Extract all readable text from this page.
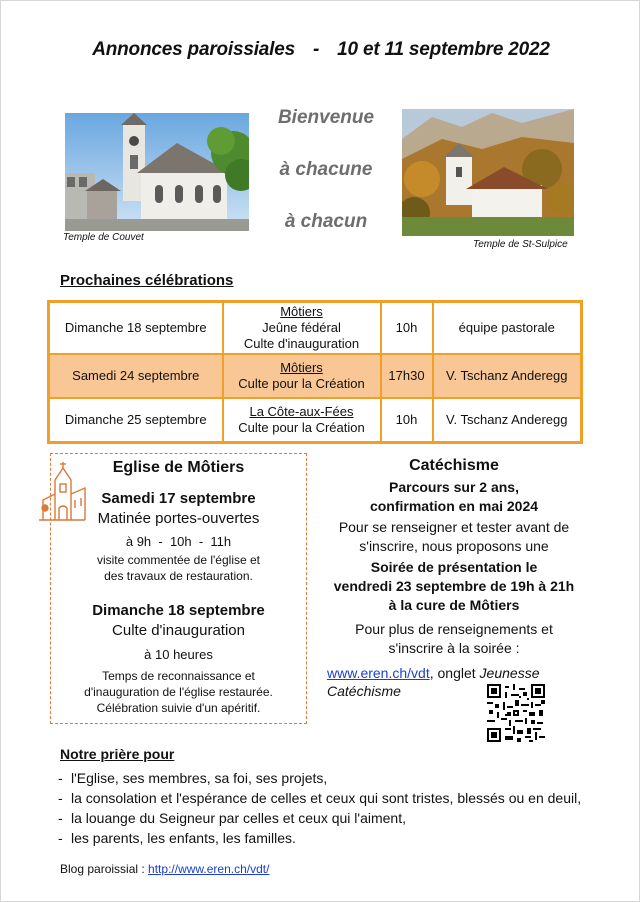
Annonces paroissiales - 10 et 11 septembre 2022
Temple de Couvet
Bienvenue
à chacune
à chacun
Temple de St-Sulpice
Prochaines célébrations
Dimanche 18 septembre	Môtiers
Jeûne fédéral
Culte d'inauguration	10h	équipe pastorale
Samedi 24 septembre	Môtiers
Culte pour la Création	17h30	V. Tschanz Anderegg
Dimanche 25 septembre	La Côte-aux-Fées
Culte pour la Création	10h	V. Tschanz Anderegg
Eglise de Môtiers
Samedi 17 septembre
Matinée portes-ouvertes
à 9h  -  10h  -  11h
visite commentée de l'église et
des travaux de restauration.
Dimanche 18 septembre
Culte d'inauguration
à 10 heures
Temps de reconnaissance et
d'inauguration de l'église restaurée.
Célébration suivie d'un apéritif.
Catéchisme
Parcours sur 2 ans,
confirmation en mai 2024
Pour se renseigner et tester avant de
s'inscrire, nous proposons une
Soirée de présentation le
vendredi 23 septembre de 19h à 21h
à la cure de Môtiers
Pour plus de renseignements et
s'inscrire à la soirée :
www.eren.ch/vdt, onglet Jeunesse Catéchisme
Notre prière pour
- l'Eglise, ses membres, sa foi, ses projets,
- la consolation et l'espérance de celles et ceux qui sont tristes, blessés ou en deuil,
- la louange du Seigneur par celles et ceux qui l'aiment,
- les parents, les enfants, les familles.
Blog paroissial : http://www.eren.ch/vdt/
